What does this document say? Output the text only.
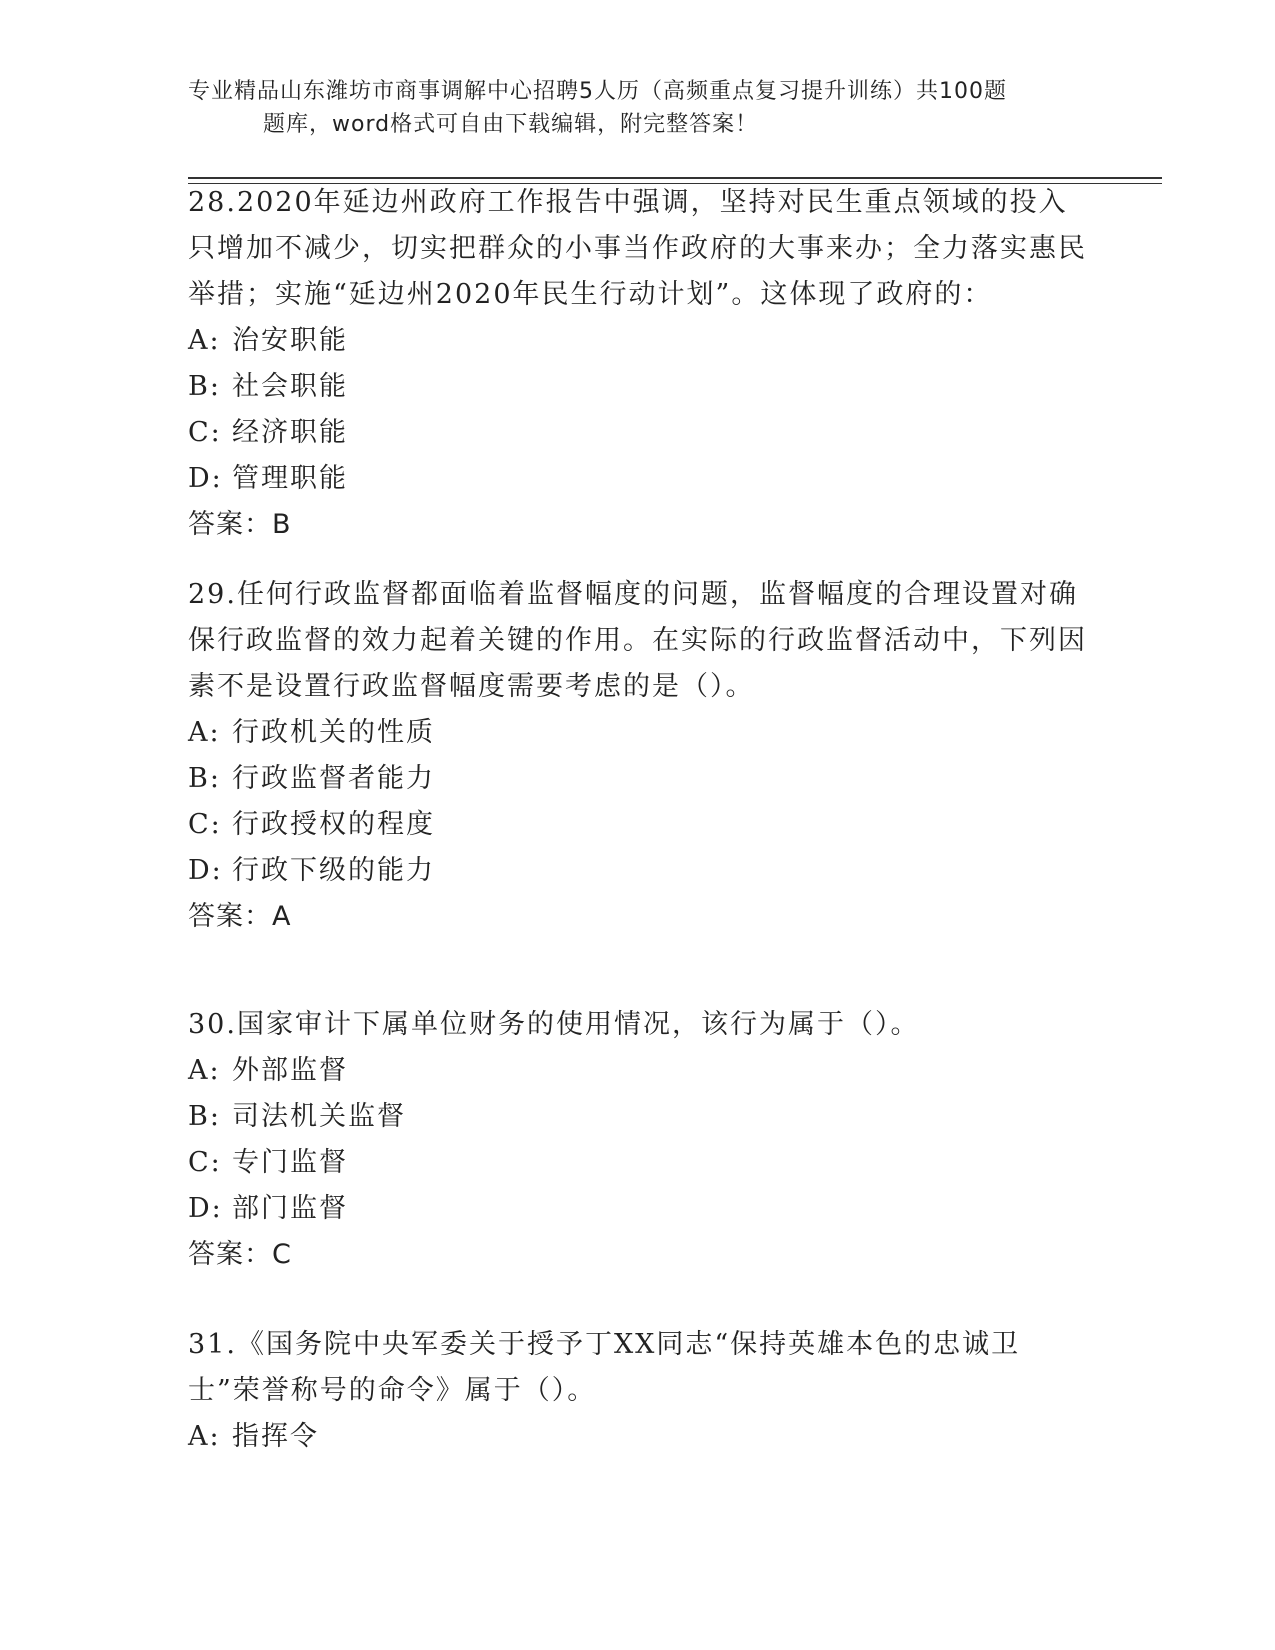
专业精品山东潍坊市商事调解中心招聘5人历（高频重点复习提升训练）共100题
题库，word格式可自由下载编辑，附完整答案！

28.2020年延边州政府工作报告中强调，坚持对民生重点领域的投入只增加不减少，切实把群众的小事当作政府的大事来办；全力落实惠民举措；实施“延边州2020年民生行动计划”。这体现了政府的：

A: 治安职能

B: 社会职能

C: 经济职能

D: 管理职能

答案：B

29.任何行政监督都面临着监督幅度的问题，监督幅度的合理设置对确保行政监督的效力起着关键的作用。在实际的行政监督活动中，下列因素不是设置行政监督幅度需要考虑的是（）。

A: 行政机关的性质

B: 行政监督者能力

C: 行政授权的程度

D: 行政下级的能力

答案：A

30.国家审计下属单位财务的使用情况，该行为属于（）。

A: 外部监督

B: 司法机关监督

C: 专门监督

D: 部门监督

答案：C

31.《国务院中央军委关于授予丁XX同志“保持英雄本色的忠诚卫士”荣誉称号的命令》属于（）。

A: 指挥令
